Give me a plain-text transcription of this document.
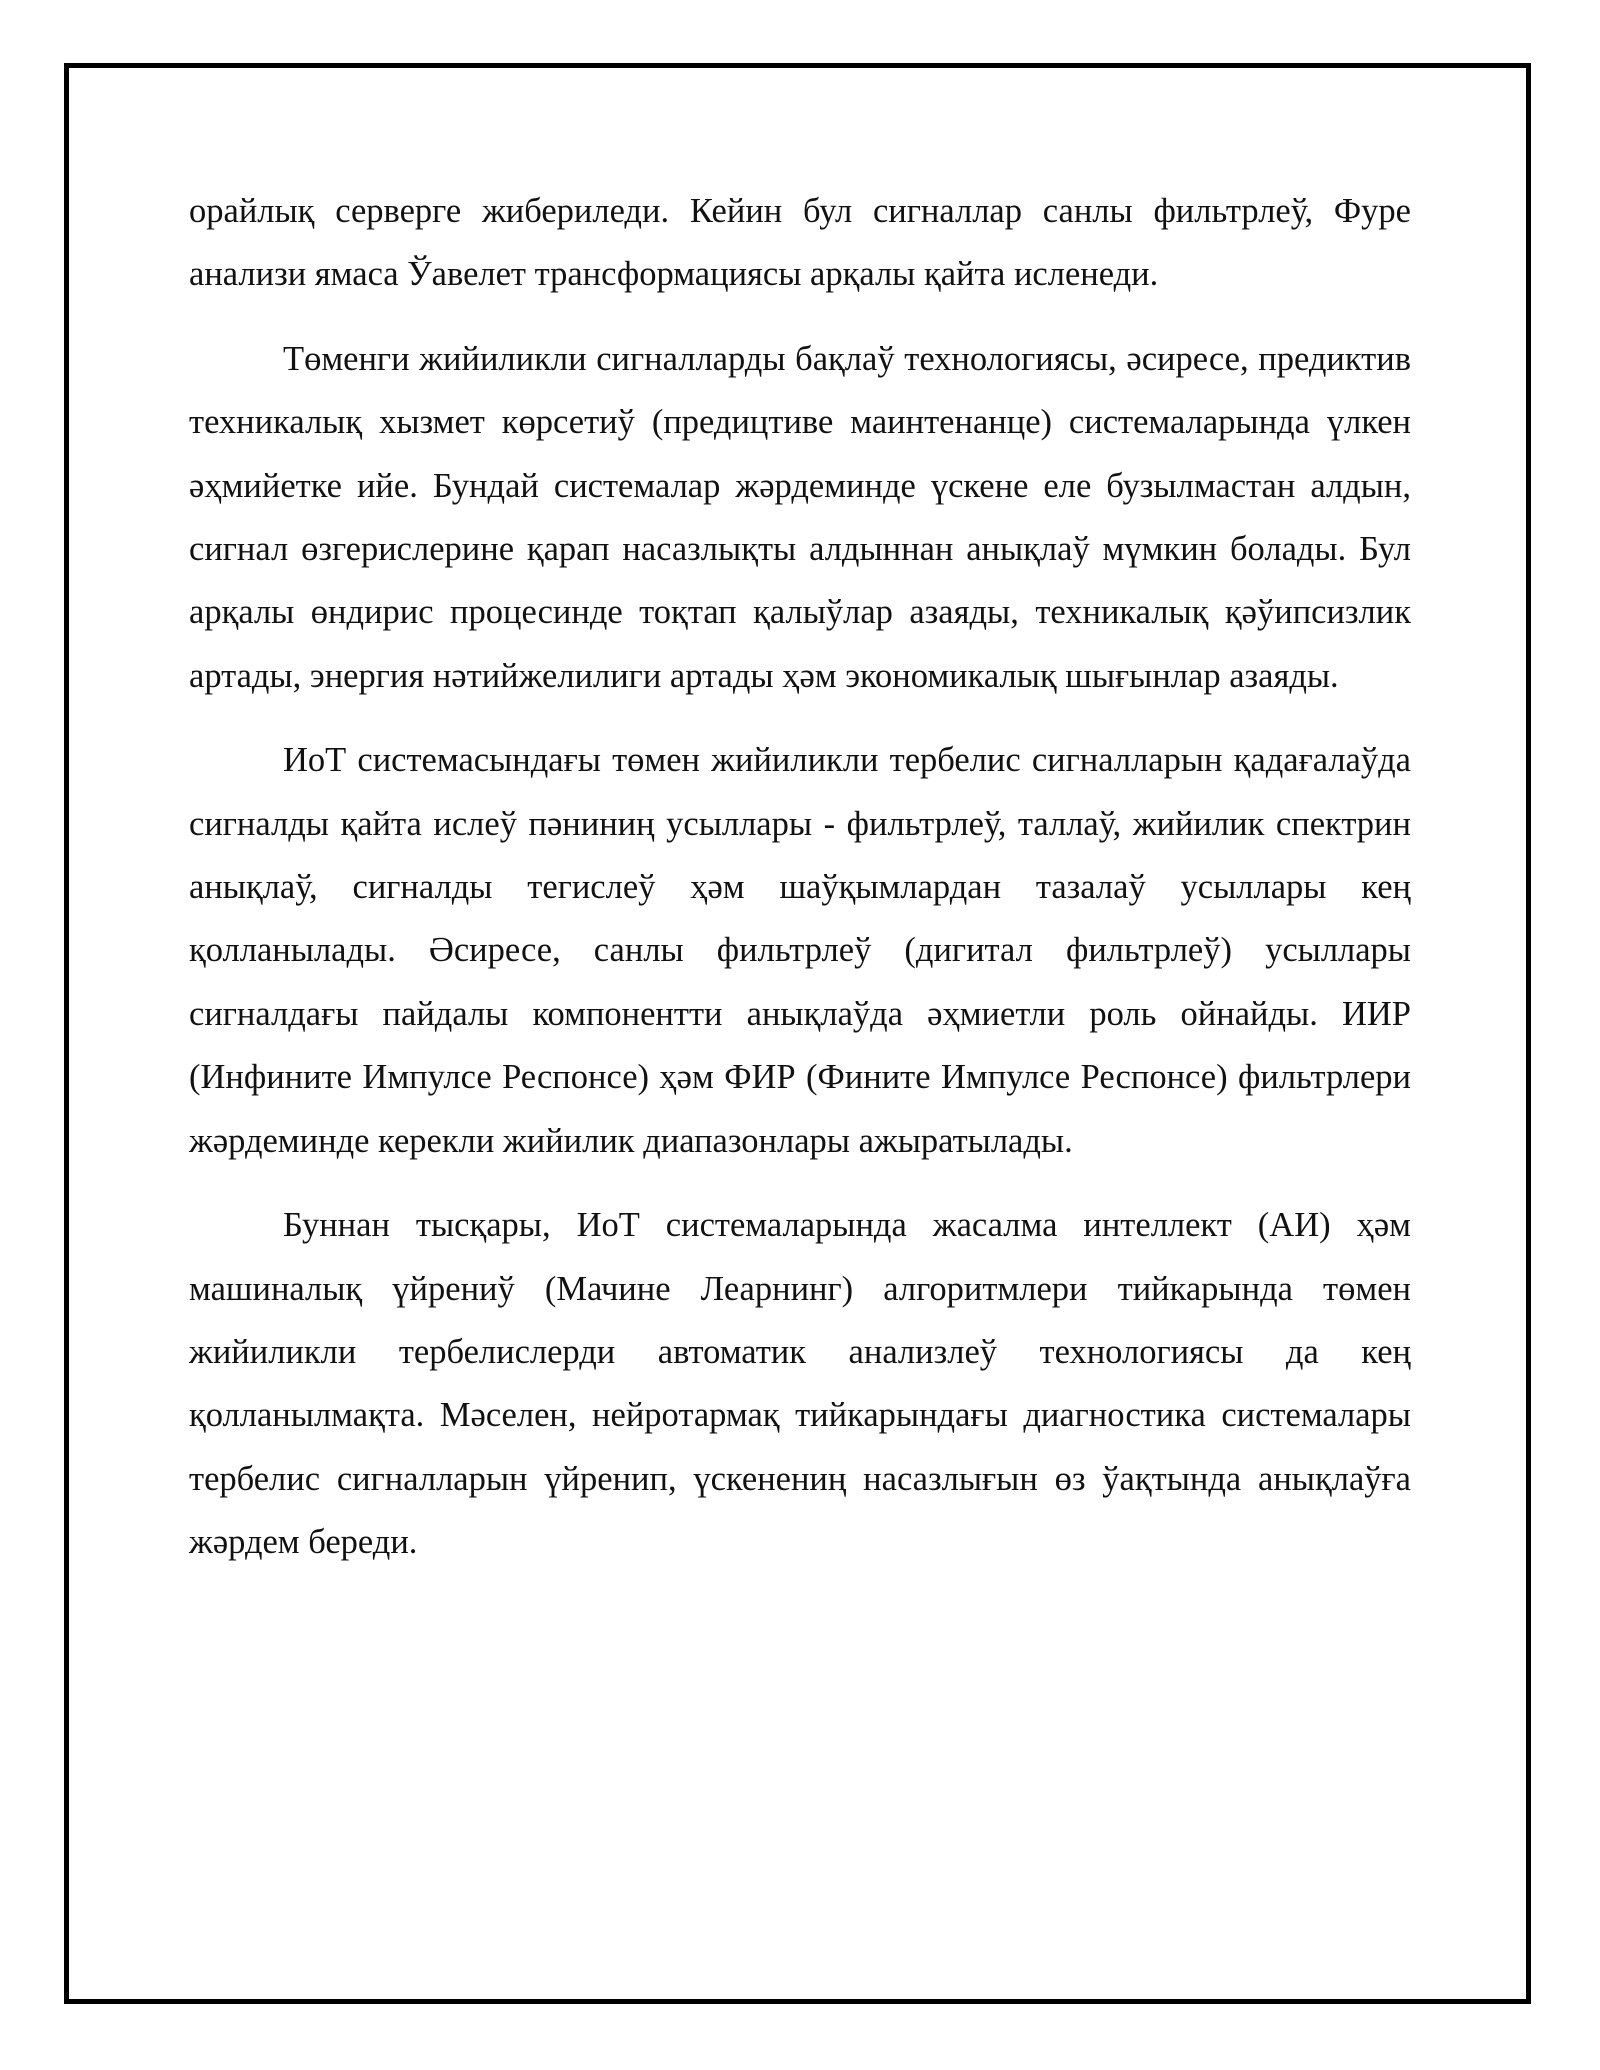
орайлық серверге жибериледи. Кейин бул сигналлар санлы фильтрлеў, Фуре анализи ямаса Ўавелет трансформациясы арқалы қайта исленеди.

Төменги жийиликли сигналларды бақлаў технологиясы, әсиресе, предиктив техникалық хызмет көрсетиў (предицтиве маинтенанце) системаларында үлкен әҳмийетке ийе. Бундай системалар жәрдеминде үскене еле бузылмастан алдын, сигнал өзгерислерине қарап насазлықты алдыннан анықлаў мүмкин болады. Бул арқалы өндирис процесинде тоқтап қалыўлар азаяды, техникалық қәўипсизлик артады, энергия нәтийжелилиги артады ҳәм экономикалық шығынлар азаяды.

ИоТ системасындағы төмен жийиликли тербелис сигналларын қадағалаўда сигналды қайта ислеў пәниниң усыллары - фильтрлеў, таллаў, жийилик спектрин анықлаў, сигналды тегислеў ҳәм шаўқымлардан тазалаў усыллары кең қолланылады. Әсиресе, санлы фильтрлеў (дигитал фильтрлеў) усыллары сигналдағы пайдалы компонентти анықлаўда әҳмиетли роль ойнайды. ИИР (Инфините Импулсе Респонсе) ҳәм ФИР (Фините Импулсе Респонсе) фильтрлери жәрдеминде керекли жийилик диапазонлары ажыратылады.

Буннан тысқары, ИоТ системаларында жасалма интеллект (АИ) ҳәм машиналық үйрениў (Мачине Леарнинг) алгоритмлери тийкарында төмен жийиликли тербелислерди автоматик анализлеў технологиясы да кең қолланылмақта. Мәселен, нейротармақ тийкарындағы диагностика системалары тербелис сигналларын үйренип, үскенениң насазлығын өз ўақтында анықлаўға жәрдем береди.
